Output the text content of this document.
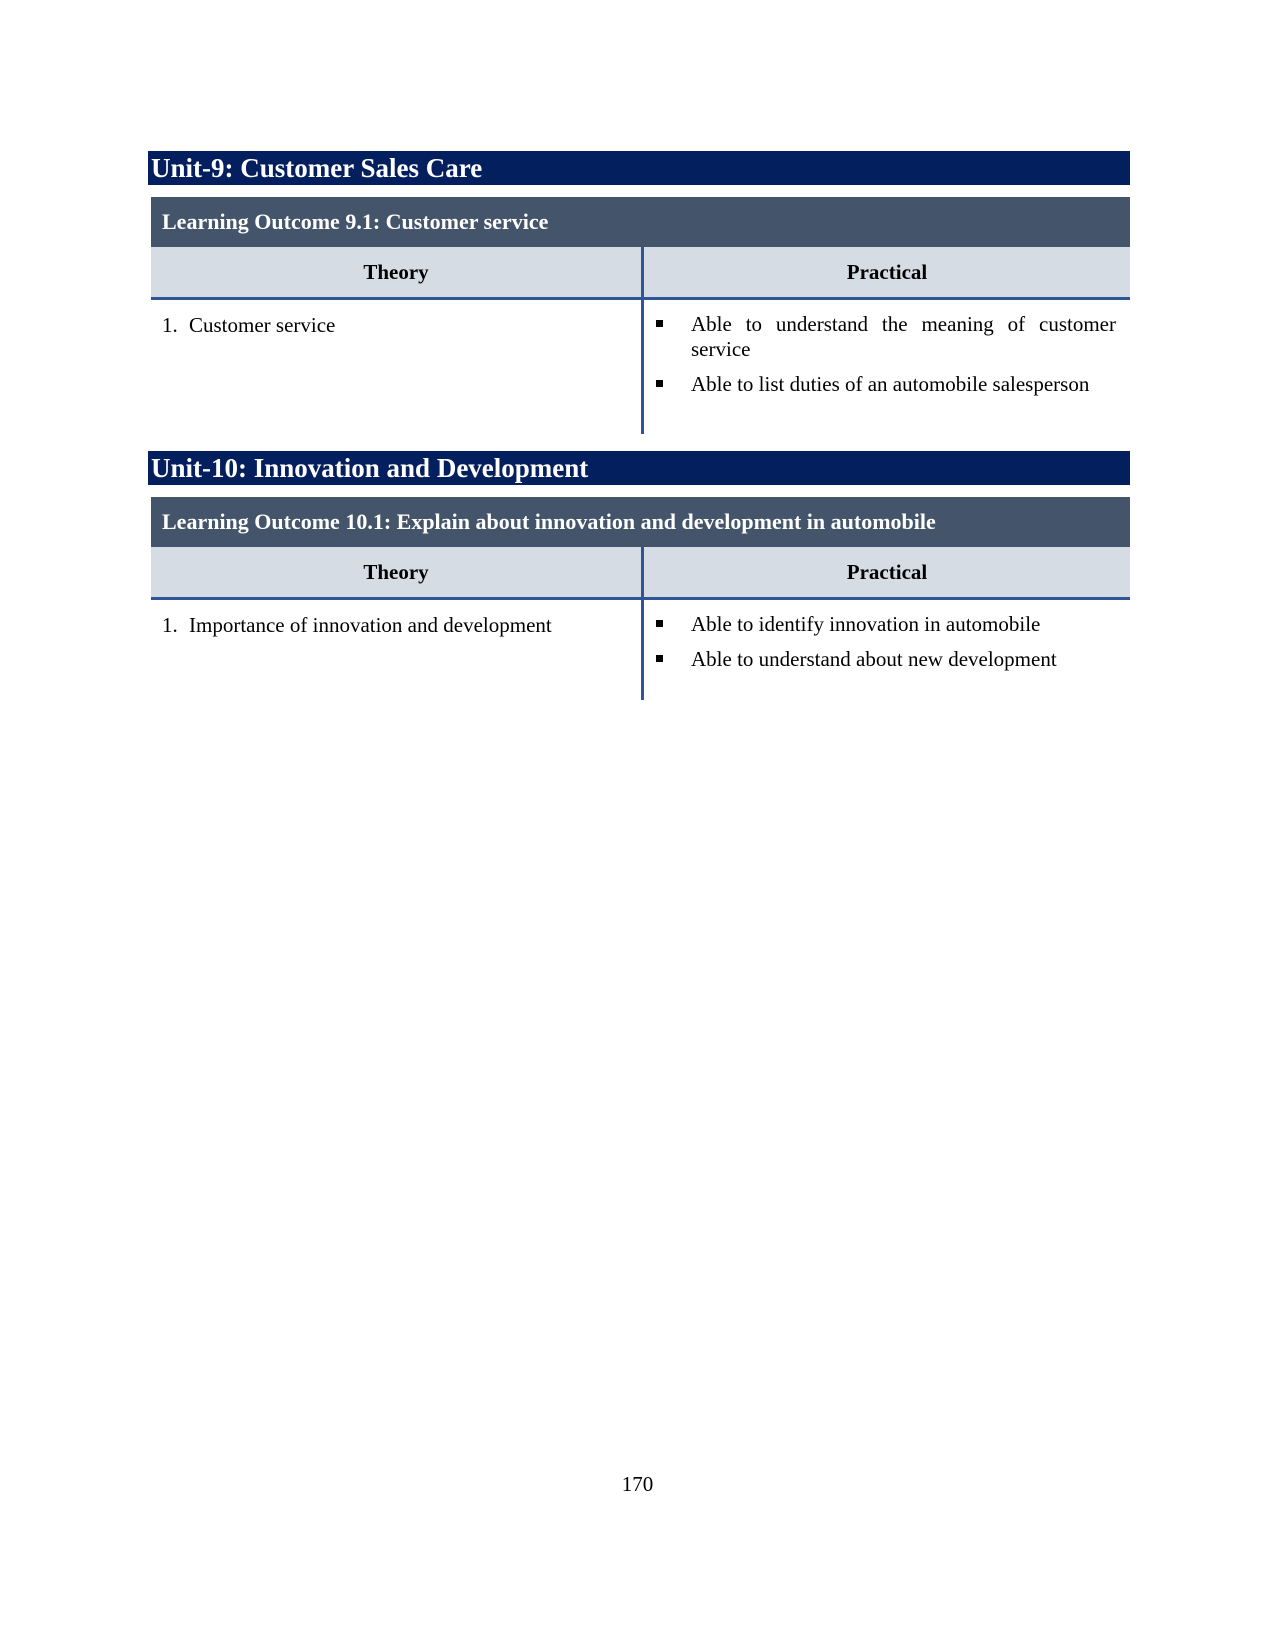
Unit-9: Customer Sales Care
Learning Outcome 9.1: Customer service
Theory	Practical
1. Customer service	Able to understand the meaning of customer service
Able to list duties of an automobile salesperson
Unit-10: Innovation and Development
Learning Outcome 10.1: Explain about innovation and development in automobile
Theory	Practical
1. Importance of innovation and development	Able to identify innovation in automobile
Able to understand about new development
170
